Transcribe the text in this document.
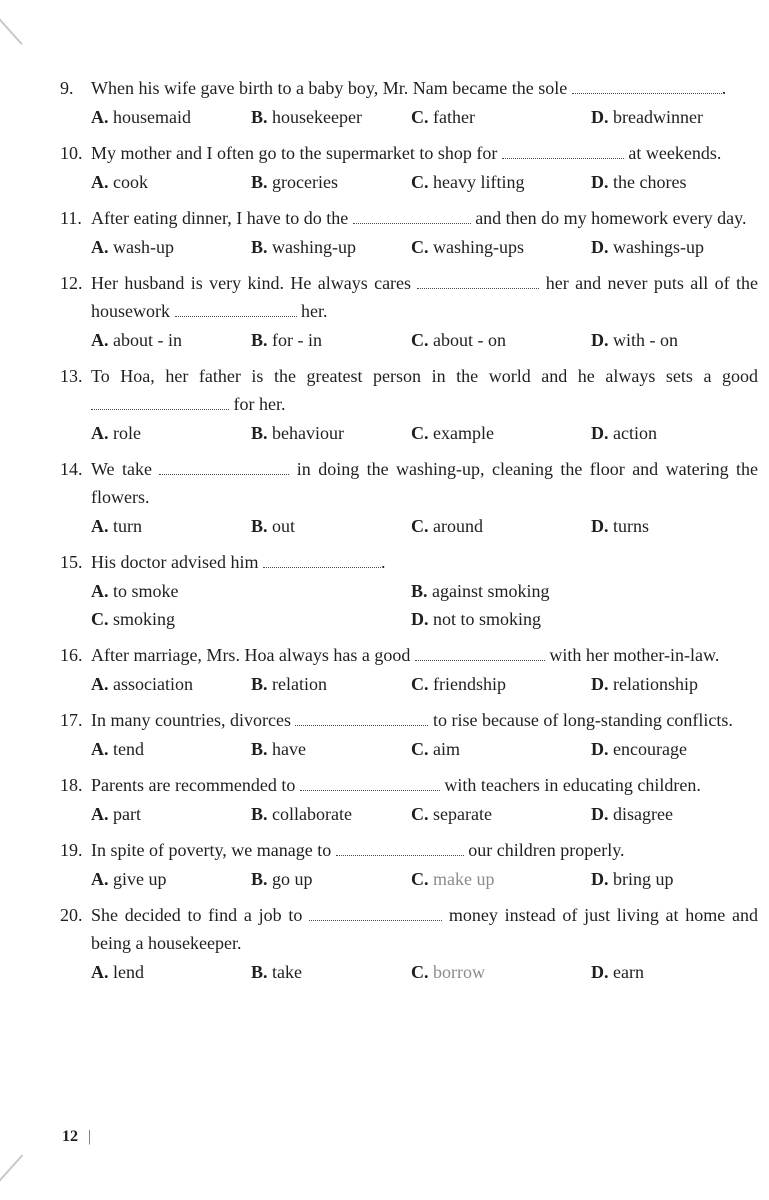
9. When his wife gave birth to a baby boy, Mr. Nam became the sole	.

A. housemaid	B. housekeeper	C. father	D. breadwinner
10. My mother and I often go to the supermarket to shop for	at weekends.

A. cook	B. groceries	C. heavy lifting	D. the chores
11. After eating dinner, I have to do the	and then do my homework every day.

A. wash-up	B. washing-up	C. washing-ups	D. washings-up
12. Her husband is very kind. He always cares	her and never puts all of the housework	her.

A. about - in	B. for - in	C. about - on	D. with - on
13. To Hoa, her father is the greatest person in the world and he always sets a good  for her.

A. role	B. behaviour	C. example	D. action
14. We take	in doing the washing-up, cleaning the floor and watering the flowers.

A. turn	B. out	C. around	D. turns
15. His doctor advised him	.

A. to smoke	B. against smoking
C. smoking	D. not to smoking
16. After marriage, Mrs. Hoa always has a good	with her mother-in-law.

A. association	B. relation	C. friendship	D. relationship
17. In many countries, divorces	to rise because of long-standing conflicts.

A. tend	B. have	C. aim	D. encourage
18. Parents are recommended to	with teachers in educating children.

A. part	B. collaborate	C. separate	D. disagree
19. In spite of poverty, we manage to	our children properly.

A. give up	B. go up	C. make up	D. bring up
20. She decided to find a job to	money instead of just living at home and being a housekeeper.

A. lend	B. take	C. borrow	D. earn
12 |
